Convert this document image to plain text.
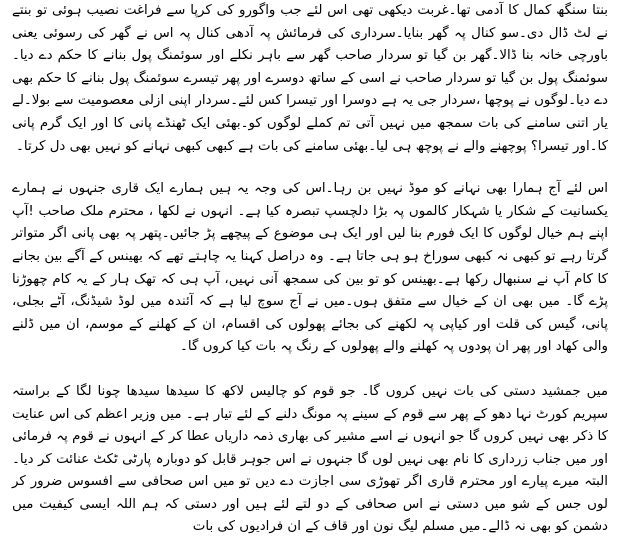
بنتا سنگھ کمال کا آدمی تھا۔غربت دیکھی تھی اس لئے جب واگورو کی کرپا سے فراغت نصیب ہوئی تو بنتے نے لٹ ڈال دی۔سو کنال پہ گھر بنایا۔سرداری کی فرمائش پہ آدھی کنال پہ اس نے گھر کی رسوئی یعنی باورچی خانہ بنا ڈالا۔گھر بن گیا تو سردار صاحب گھر سے باہر نکلے اور سوئمنگ پول بنانے کا حکم دے دیا۔سوئمنگ پول بن گیا تو سردار صاحب نے اسی کے ساتھ دوسرے اور پھر تیسرے سوئمنگ پول بنانے کا حکم بھی دے دیا۔لوگوں نے پوچھا ،سردار جی یہ ہے دوسرا اور تیسرا کس لئے۔سردار اپنی ازلی معصومیت سے بولا۔لے یار اتنی سامنے کی بات سمجھ میں نہیں آتی تم کملے لوگوں کو۔بھئی ایک ٹھنڈے پانی کا اور ایک گرم پانی کا۔اور تیسرا؟ پوچھنے والے نے پوچھ ہی لیا۔بھئی سامنے کی بات ہے کبھی کبھی نہانے کو نہیں بھی دل کرتا۔

اس لئے آج ہمارا بھی نہانے کو موڈ نہیں بن رہا۔اس کی وجہ یہ ہیں ہمارے ایک قاری جنہوں نے ہمارے یکسانیت کے شکار یا شہکار کالموں پہ بڑا دلچسپ تبصرہ کیا ہے۔ انہوں نے لکھا ، محترم ملک صاحب !آپ اپنے ہم خیال لوگوں کا ایک فورم بنا لیں اور ایک ہی موضوع کے پیچھے پڑ جائیں۔پتھر پہ بھی پانی اگر متواتر گرتا رہے تو کبھی نہ کبھی سوراخ ہو ہی جاتا ہے۔ وہ دراصل کہنا یہ چاہتے تھے کہ بھینس کے آگے بین بجانے کا کام آپ نے سنبھال رکھا ہے۔بھینس کو تو بین کی سمجھ آنی نہیں، آپ ہی کہ تھک ہار کے یہ کام چھوڑنا پڑے گا۔ میں بھی ان کے خیال سے متفق ہوں۔میں نے آج سوچ لیا ہے کہ آئندہ میں لوڈ شیڈنگ، آٹے بجلی، پانی، گیس کی قلت اور کیاپی پہ لکھنے کی بجائے پھولوں کی اقسام، ان کے کھلنے کے موسم، ان میں ڈلنے والی کھاد اور پھر ان پودوں پہ کھلنے والے پھولوں کے رنگ پہ بات کیا کروں گا۔

میں جمشید دستی کی بات نہیں کروں گا۔ جو قوم کو چالیس لاکھ کا سیدھا سیدھا چونا لگا کے براستہ سپریم کورٹ نہا دھو کے پھر سے قوم کے سینے پہ مونگ دلنے کے لئے تیار ہے۔ میں وزیر اعظم کی اس عنایت کا ذکر بھی نہیں کروں گا جو انہوں نے اسے مشیر کی بھاری ذمہ داریاں عطا کر کے انہوں نے قوم پہ فرمائی اور میں جناب زرداری کا نام بھی نہیں لوں گا جنہوں نے اس جوہر قابل کو دوبارہ پارٹی ٹکٹ عنائت کر دیا۔البتہ میرے پیارے اور محترم قاری اگر تھوڑی سی اجازت دے دیں تو میں اس صحافی سے افسوس ضرور کر لوں جس کے شو میں دستی نے اس صحافی کے دو لتے لئے ہیں اور دستی کہ ہم اللہ ایسی کیفیت میں دشمن کو بھی نہ ڈالے۔میں مسلم لیگ نون اور قاف کے ان فرادیوں کی بات
